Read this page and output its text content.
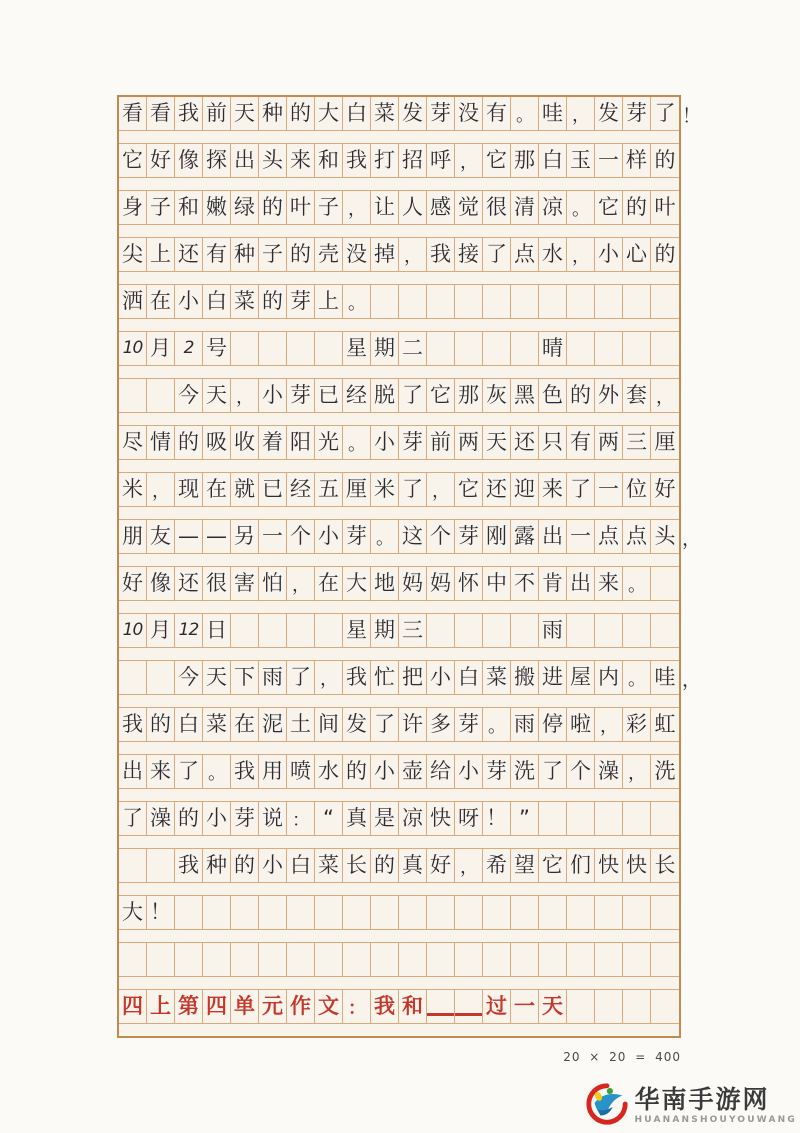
看 看 我 前 天 种 的 大 白 菜 发 芽 没 有 。 哇 ， 发 芽 了 ！
它 好 像 探 出 头 来 和 我 打 招 呼 ， 它 那 白 玉 一 样 的
身 子 和 嫩 绿 的 叶 子 ， 让 人 感 觉 很 清 凉 。 它 的 叶
尖 上 还 有 种 子 的 壳 没 掉 ， 我 接 了 点 水 ， 小 心 的
洒 在 小 白 菜 的 芽 上 。
10 月 2 号	星 期 二	晴
今 天 ， 小 芽 已 经 脱 了 它 那 灰 黑 色 的 外 套 ，
尽 情 的 吸 收 着 阳 光 。 小 芽 前 两 天 还 只 有 两 三 厘
米 ， 现 在 就 已 经 五 厘 米 了 ， 它 还 迎 来 了 一 位 好
朋 友 — — 另 一 个 小 芽 。 这 个 芽 刚 露 出 一 点 点 头 ，
好 像 还 很 害 怕 ， 在 大 地 妈 妈 怀 中 不 肯 出 来 。
10 月 12 日	星 期 三	雨
今 天 下 雨 了 ， 我 忙 把 小 白 菜 搬 进 屋 内 。 哇 ，
我 的 白 菜 在 泥 土 间 发 了 许 多 芽 。 雨 停 啦 ， 彩 虹
出 来 了 。 我 用 喷 水 的 小 壶 给 小 芽 洗 了 个 澡 ， 洗
了 澡 的 小 芽 说 ： “ 真 是 凉 快 呀 ！ ”
我 种 的 小 白 菜 长 的 真 好 ， 希 望 它 们 快 快 长
大 ！
四 上 第 四 单 元 作 文 ： 我 和	过 一 天
20 × 20 = 400
华南手游网
HUANANSHOUYOUWANG
